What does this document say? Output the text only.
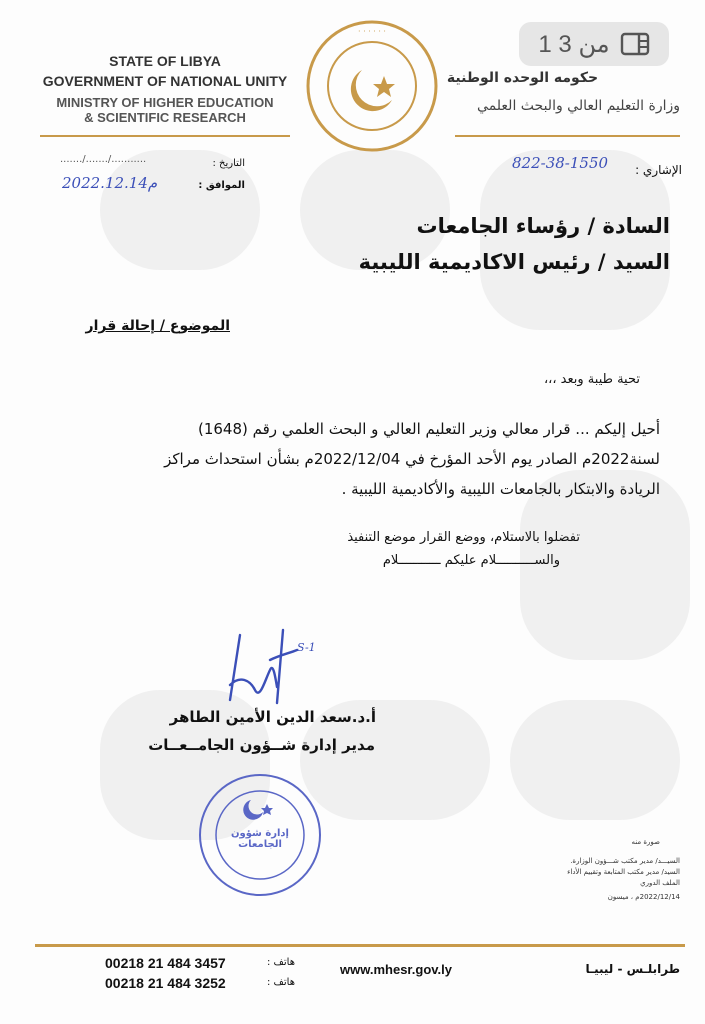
STATE OF LIBYA
GOVERNMENT OF NATIONAL UNITY
MINISTRY OF HIGHER EDUCATION
& SCIENTIFIC RESEARCH
· · · · · ·	1 من 3
حكومه الوحده الوطنية
وزارة التعليم العالي والبحث العلمي
التاريخ :
......./......./...........
الموافق :
2022.12.14م
الإشاري :
822-38-1550
السادة / رؤساء الجامعات
السيد / رئيس الاكاديمية الليبية
الموضوع / إحالة قرار
تحية طيبة وبعد ،،،
أحيل إليكم ... قرار معالي وزير التعليم العالي و البحث العلمي رقم (1648)
لسنة2022م الصادر يوم الأحد المؤرخ في 2022/12/04م بشأن استحداث مراكز
الريادة والابتكار بالجامعات الليبية والأكاديمية الليبية .
تفضلوا بالاستلام، ووضع القرار موضع التنفيذ
والســــــــــلام عليكم ـــــــــــلام
S-1
أ.د.سعد الدين الأمين الطاهر
مدير إدارة شــؤون الجامــعــات
إدارة شؤون الجامعات	صورة منه
السيـــد/ مدير مكتب شـــؤون الوزارة.
السيد/ مدير مكتب المتابعة وتقييم الأداء
الملف الدوري
2022/12/14م ، ميسون
00218 21 484 3457
00218 21 484 3252
هاتف :
هاتف :
www.mhesr.gov.ly	طرابلـس - ليبيـا
